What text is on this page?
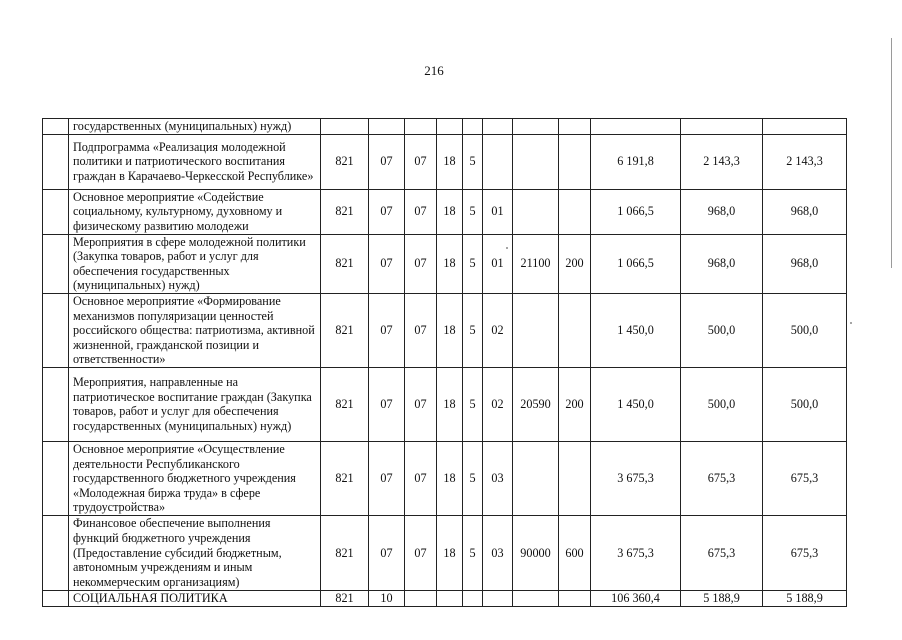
216
	государственных (муниципальных) нужд)											
	Подпрограмма «Реализация молодежной политики и патриотического воспитания граждан в Карачаево-Черкесской Республике»	821	07	07	18	5				6 191,8	2 143,3	2 143,3
	Основное мероприятие «Содействие социальному, культурному, духовному и физическому развитию молодежи	821	07	07	18	5	01			1 066,5	968,0	968,0
	Мероприятия в сфере молодежной политики (Закупка товаров, работ и услуг для обеспечения государственных (муниципальных) нужд)	821	07	07	18	5	01	21100	200	1 066,5	968,0	968,0
	Основное мероприятие «Формирование механизмов популяризации ценностей российского общества: патриотизма, активной жизненной, гражданской позиции и ответственности»	821	07	07	18	5	02			1 450,0	500,0	500,0
	Мероприятия, направленные на патриотическое воспитание граждан (Закупка товаров, работ и услуг для обеспечения государственных (муниципальных) нужд)	821	07	07	18	5	02	20590	200	1 450,0	500,0	500,0
	Основное мероприятие «Осуществление деятельности Республиканского государственного бюджетного учреждения «Молодежная биржа труда» в сфере трудоустройства»	821	07	07	18	5	03			3 675,3	675,3	675,3
	Финансовое обеспечение выполнения функций бюджетного учреждения (Предоставление субсидий бюджетным, автономным учреждениям и иным некоммерческим организациям)	821	07	07	18	5	03	90000	600	3 675,3	675,3	675,3
	СОЦИАЛЬНАЯ ПОЛИТИКА	821	10							106 360,4	5 188,9	5 188,9
